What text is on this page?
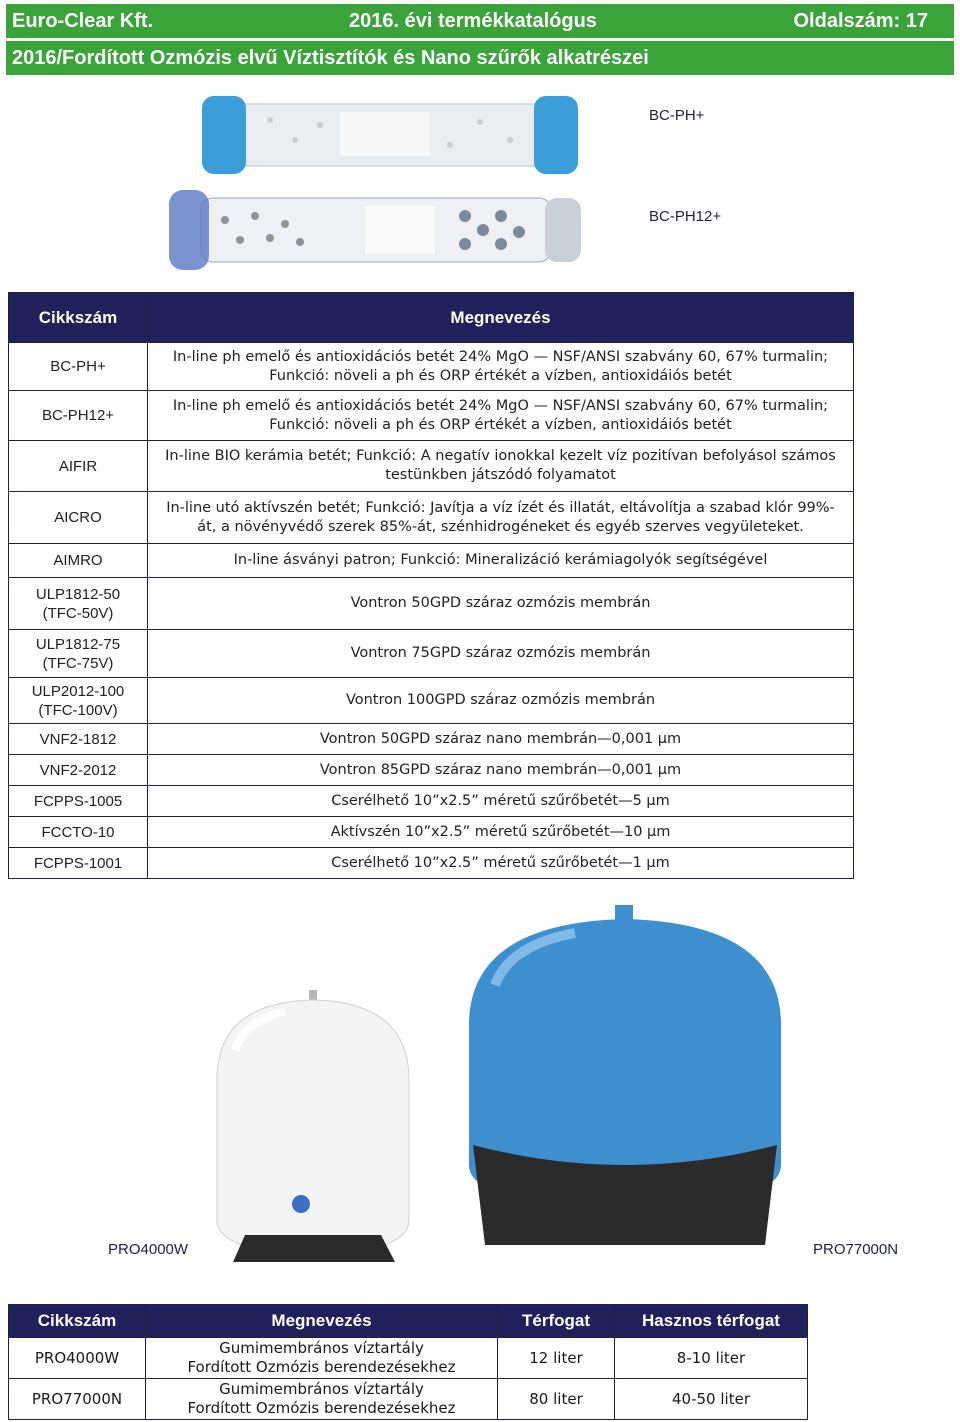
Euro-Clear Kft.	2016. évi termékkatalógus	Oldalszám: 17
2016/Fordított Ozmózis elvű Víztisztítók és Nano szűrők alkatrészei
BC-PH+
BC-PH12+
Cikkszám	Megnevezés
BC-PH+	In-line ph emelő és antioxidációs betét 24% MgO — NSF/ANSI szabvány 60, 67% turmalin;
Funkció: növeli a ph és ORP értékét a vízben, antioxidáiós betét

BC-PH12+	In-line ph emelő és antioxidációs betét 24% MgO — NSF/ANSI szabvány 60, 67% turmalin;
Funkció: növeli a ph és ORP értékét a vízben, antioxidáiós betét

AIFIR	In-line BIO kerámia betét; Funkció: A negatív ionokkal kezelt víz pozitívan befolyásol számos
testünkben játszódó folyamatot

AICRO	In-line utó aktívszén betét; Funkció: Javítja a víz ízét és illatát, eltávolítja a szabad klór 99%-
át, a növényvédő szerek 85%-át, szénhidrogéneket és egyéb szerves vegyületeket.

AIMRO	In-line ásványi patron; Funkció: Mineralizáció kerámiagolyók segítségével

ULP1812-50
(TFC-50V)	Vontron 50GPD száraz ozmózis membrán

ULP1812-75
(TFC-75V)	Vontron 75GPD száraz ozmózis membrán

ULP2012-100
(TFC-100V)	Vontron 100GPD száraz ozmózis membrán

VNF2-1812	Vontron 50GPD száraz nano membrán—0,001 µm

VNF2-2012	Vontron 85GPD száraz nano membrán—0,001 µm

FCPPS-1005	Cserélhető 10”x2.5” méretű szűrőbetét—5 µm

FCCTO-10	Aktívszén 10”x2.5” méretű szűrőbetét—10 µm

FCPPS-1001	Cserélhető 10”x2.5” méretű szűrőbetét—1 µm
PRO4000W	PRO77000N
Cikkszám	Megnevezés	Térfogat	Hasznos térfogat
PRO4000W	Gumimembrános víztartály
Fordított Ozmózis berendezésekhez	12 liter	8-10 liter
PRO77000N	Gumimembrános víztartály
Fordított Ozmózis berendezésekhez	80 liter	40-50 liter
